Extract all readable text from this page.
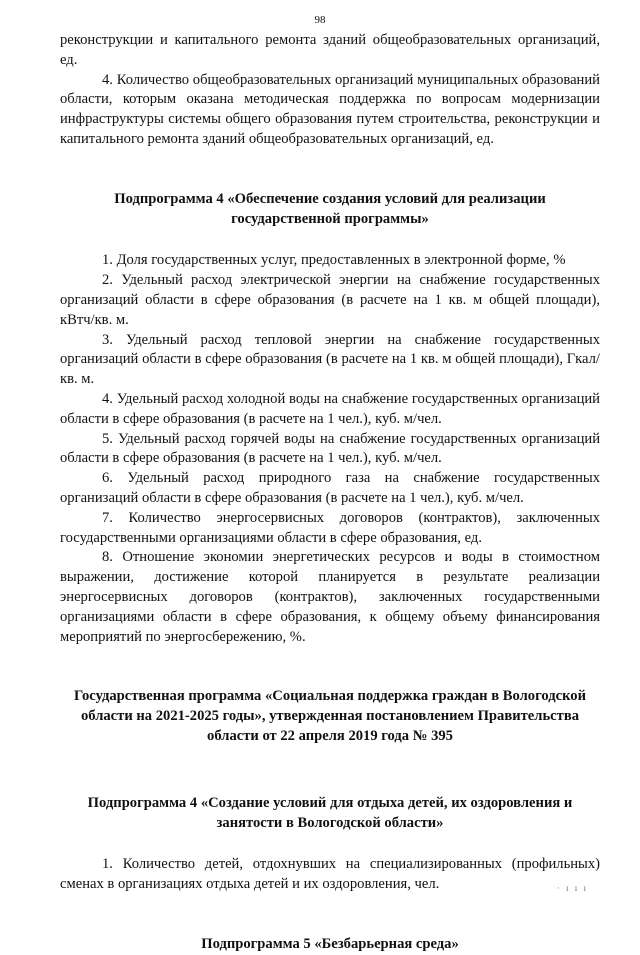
98

реконструкции и капитального ремонта зданий общеобразовательных организаций, ед.

4. Количество общеобразовательных организаций муниципальных образований области, которым оказана методическая поддержка по вопросам модернизации инфраструктуры системы общего образования путем строительства, реконструкции и капитального ремонта зданий общеобразовательных организаций, ед.

Подпрограмма 4 «Обеспечение создания условий для реализации государственной программы»

1. Доля государственных услуг, предоставленных в электронной форме, %

2. Удельный расход электрической энергии на снабжение государственных организаций области в сфере образования (в расчете на 1 кв. м общей площади), кВтч/кв. м.

3. Удельный расход тепловой энергии на снабжение государственных организаций области в сфере образования (в расчете на 1 кв. м общей площади), Гкал/кв. м.

4. Удельный расход холодной воды на снабжение государственных организаций области в сфере образования (в расчете на 1 чел.), куб. м/чел.

5. Удельный расход горячей воды на снабжение государственных организаций области в сфере образования (в расчете на 1 чел.), куб. м/чел.

6. Удельный расход природного газа на снабжение государственных организаций области в сфере образования (в расчете на 1 чел.), куб. м/чел.

7. Количество энергосервисных договоров (контрактов), заключенных государственными организациями области в сфере образования, ед.

8. Отношение экономии энергетических ресурсов и воды в стоимостном выражении, достижение которой планируется в результате реализации энергосервисных договоров (контрактов), заключенных государственными организациями области в сфере образования, к общему объему финансирования мероприятий по энергосбережению, %.

Государственная программа «Социальная поддержка граждан в Вологодской области на 2021-2025 годы», утвержденная постановлением Правительства области от 22 апреля 2019 года № 395
Подпрограмма 4 «Создание условий для отдыха детей, их оздоровления и занятости в Вологодской области»

1. Количество детей, отдохнувших на специализированных (профильных) сменах в организациях отдыха детей и их оздоровления, чел.

Подпрограмма 5 «Безбарьерная среда»
· ı ı ı
